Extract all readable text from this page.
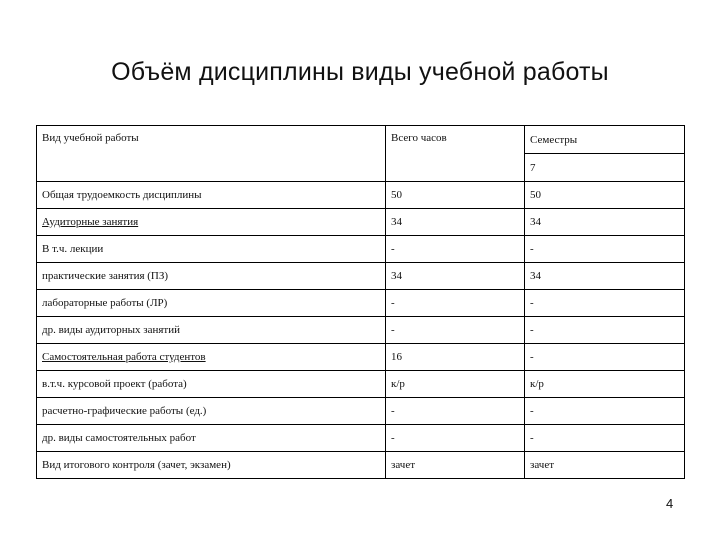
Объём дисциплины виды учебной работы
Вид учебной работы	Всего часов	Семестры
		7
Общая трудоемкость дисциплины	50	50
Аудиторные занятия	34	34
В т.ч. лекции	-	-
практические занятия (ПЗ)	34	34
лабораторные работы (ЛР)	-	-
др. виды аудиторных занятий	-	-
Самостоятельная работа студентов	16	-
в.т.ч. курсовой проект (работа)	к/р	к/р
расчетно-графические работы (ед.)	-	-
др. виды самостоятельных работ	-	-
Вид итогового контроля (зачет, экзамен)	зачет	зачет
4
